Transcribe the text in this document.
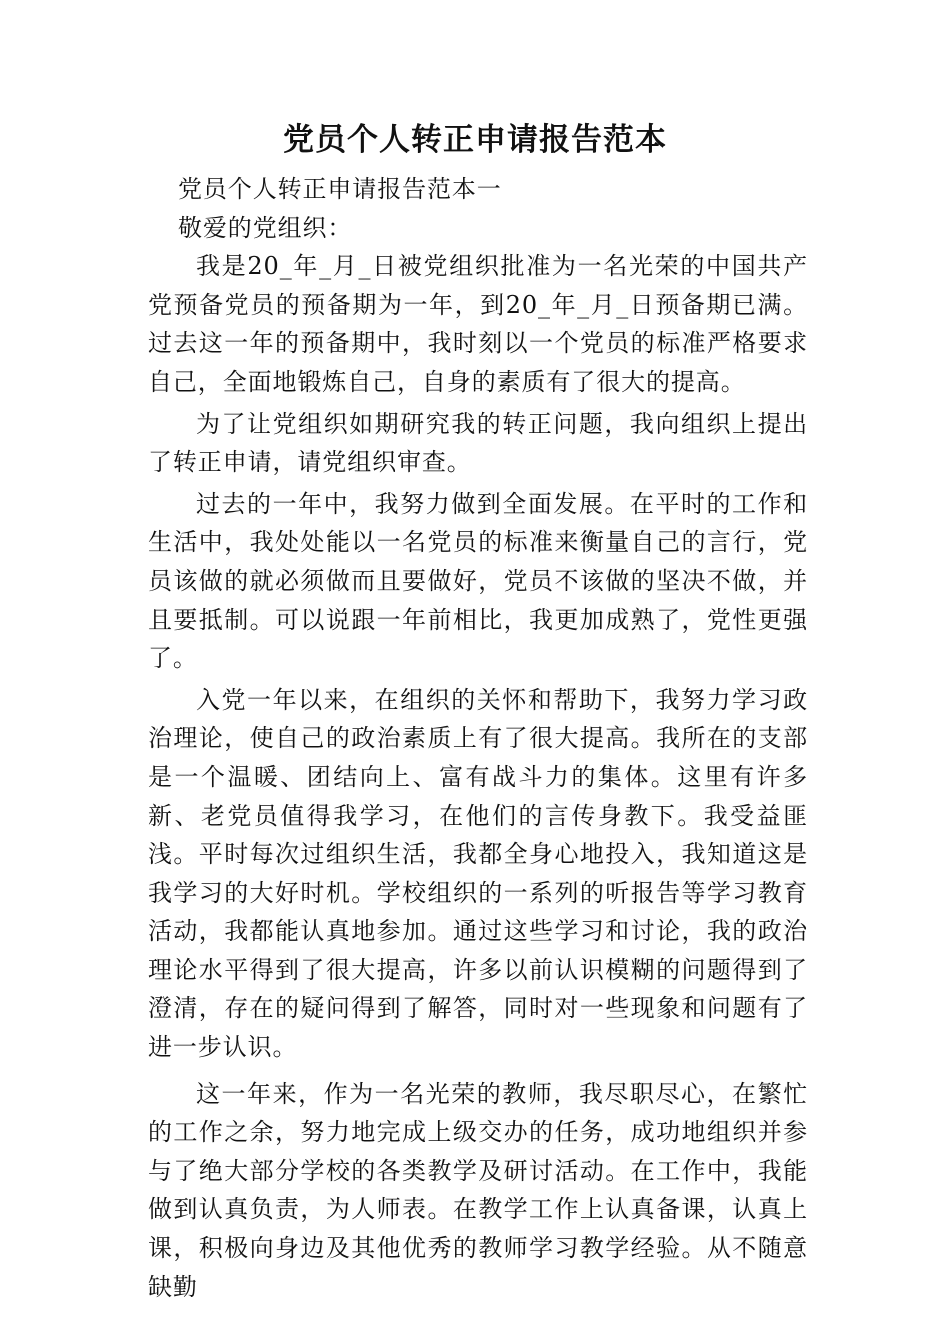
党员个人转正申请报告范本

党员个人转正申请报告范本一

敬爱的党组织：

我是20_年_月_日被党组织批准为一名光荣的中国共产党预备党员的预备期为一年，到20_年_月_日预备期已满。过去这一年的预备期中，我时刻以一个党员的标准严格要求自己，全面地锻炼自己，自身的素质有了很大的提高。

为了让党组织如期研究我的转正问题，我向组织上提出了转正申请，请党组织审查。

过去的一年中，我努力做到全面发展。在平时的工作和生活中，我处处能以一名党员的标准来衡量自己的言行，党员该做的就必须做而且要做好，党员不该做的坚决不做，并且要抵制。可以说跟一年前相比，我更加成熟了，党性更强了。

入党一年以来，在组织的关怀和帮助下，我努力学习政治理论，使自己的政治素质上有了很大提高。我所在的支部是一个温暖、团结向上、富有战斗力的集体。这里有许多新、老党员值得我学习，在他们的言传身教下。我受益匪浅。平时每次过组织生活，我都全身心地投入，我知道这是我学习的大好时机。学校组织的一系列的听报告等学习教育活动，我都能认真地参加。通过这些学习和讨论，我的政治理论水平得到了很大提高，许多以前认识模糊的问题得到了澄清，存在的疑问得到了解答，同时对一些现象和问题有了进一步认识。

这一年来，作为一名光荣的教师，我尽职尽心，在繁忙的工作之余，努力地完成上级交办的任务，成功地组织并参与了绝大部分学校的各类教学及研讨活动。在工作中，我能做到认真负责，为人师表。在教学工作上认真备课，认真上课，积极向身边及其他优秀的教师学习教学经验。从不随意缺勤
